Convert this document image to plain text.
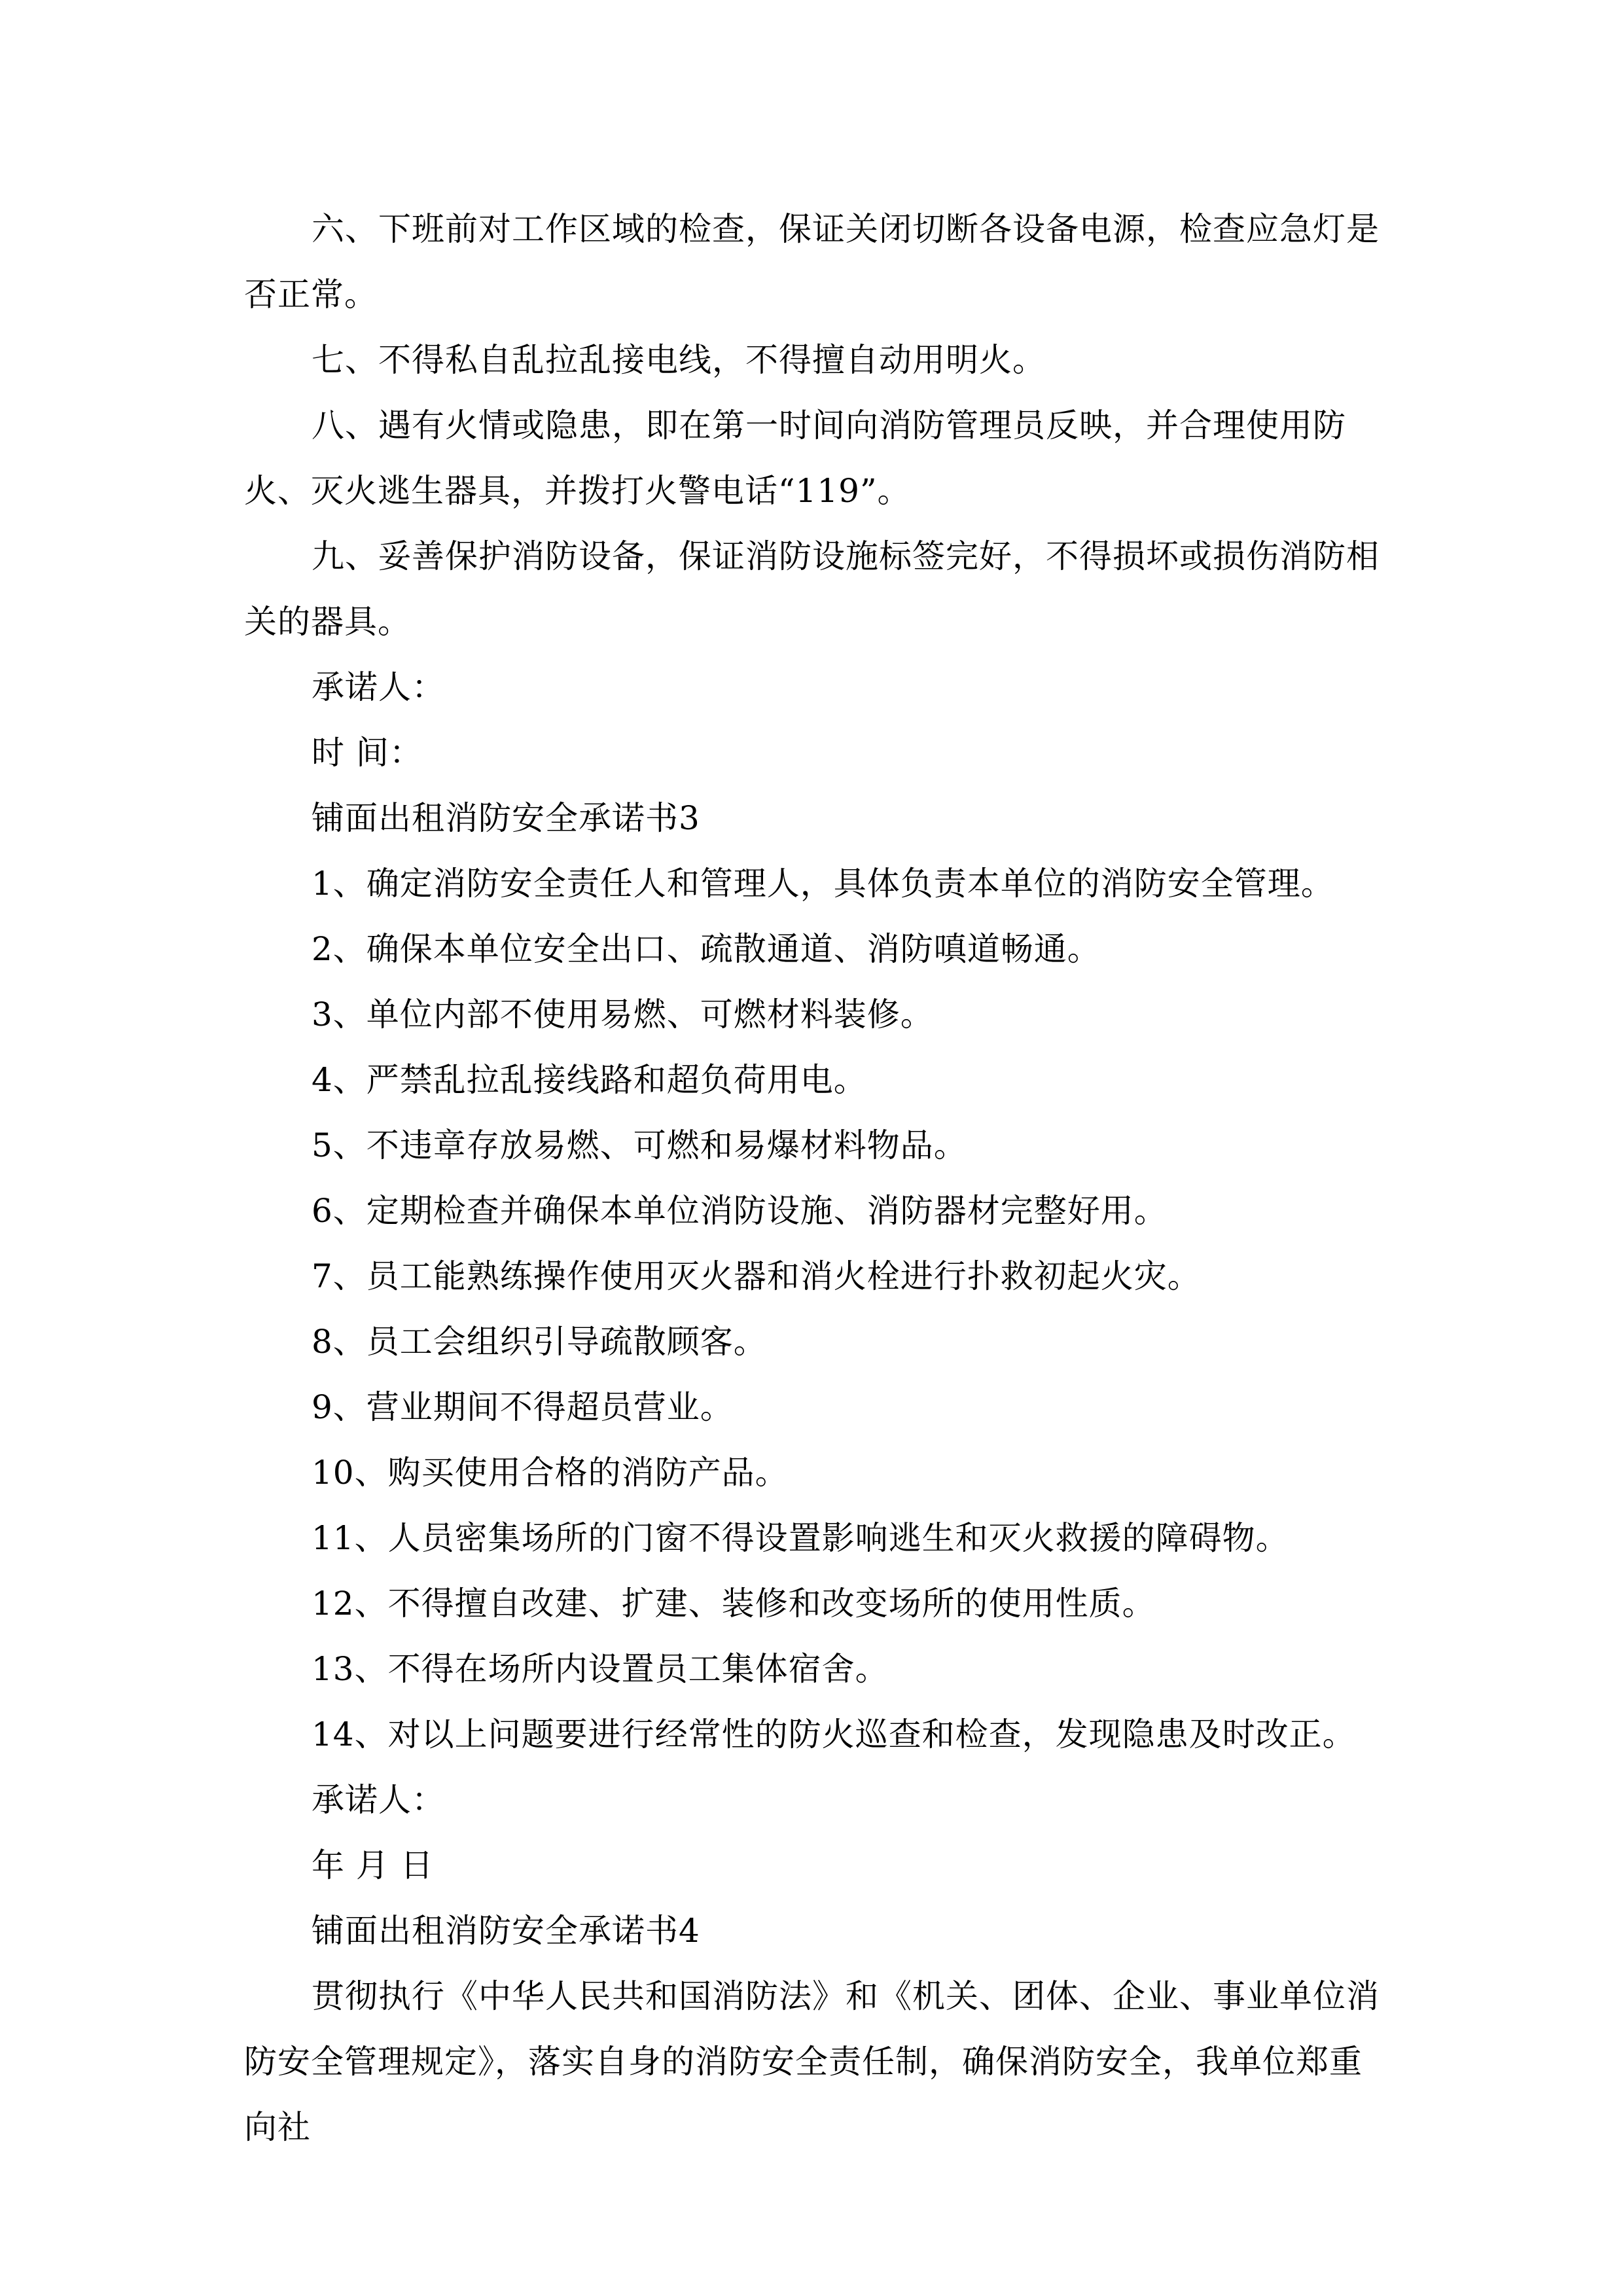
六、下班前对工作区域的检查，保证关闭切断各设备电源，检查应急灯是否正常。

七、不得私自乱拉乱接电线，不得擅自动用明火。

八、遇有火情或隐患，即在第一时间向消防管理员反映，并合理使用防火、灭火逃生器具，并拨打火警电话“119”。

九、妥善保护消防设备，保证消防设施标签完好，不得损坏或损伤消防相关的器具。

承诺人：

时 间：

铺面出租消防安全承诺书3

1、确定消防安全责任人和管理人，具体负责本单位的消防安全管理。

2、确保本单位安全出口、疏散通道、消防嗔道畅通。

3、单位内部不使用易燃、可燃材料装修。

4、严禁乱拉乱接线路和超负荷用电。

5、不违章存放易燃、可燃和易爆材料物品。

6、定期检查并确保本单位消防设施、消防器材完整好用。

7、员工能熟练操作使用灭火器和消火栓进行扑救初起火灾。

8、员工会组织引导疏散顾客。

9、营业期间不得超员营业。

10、购买使用合格的消防产品。

11、人员密集场所的门窗不得设置影响逃生和灭火救援的障碍物。

12、不得擅自改建、扩建、装修和改变场所的使用性质。

13、不得在场所内设置员工集体宿舍。

14、对以上问题要进行经常性的防火巡查和检查，发现隐患及时改正。

承诺人：

年 月 日

铺面出租消防安全承诺书4

贯彻执行《中华人民共和国消防法》和《机关、团体、企业、事业单位消防安全管理规定》，落实自身的消防安全责任制，确保消防安全，我单位郑重向社
